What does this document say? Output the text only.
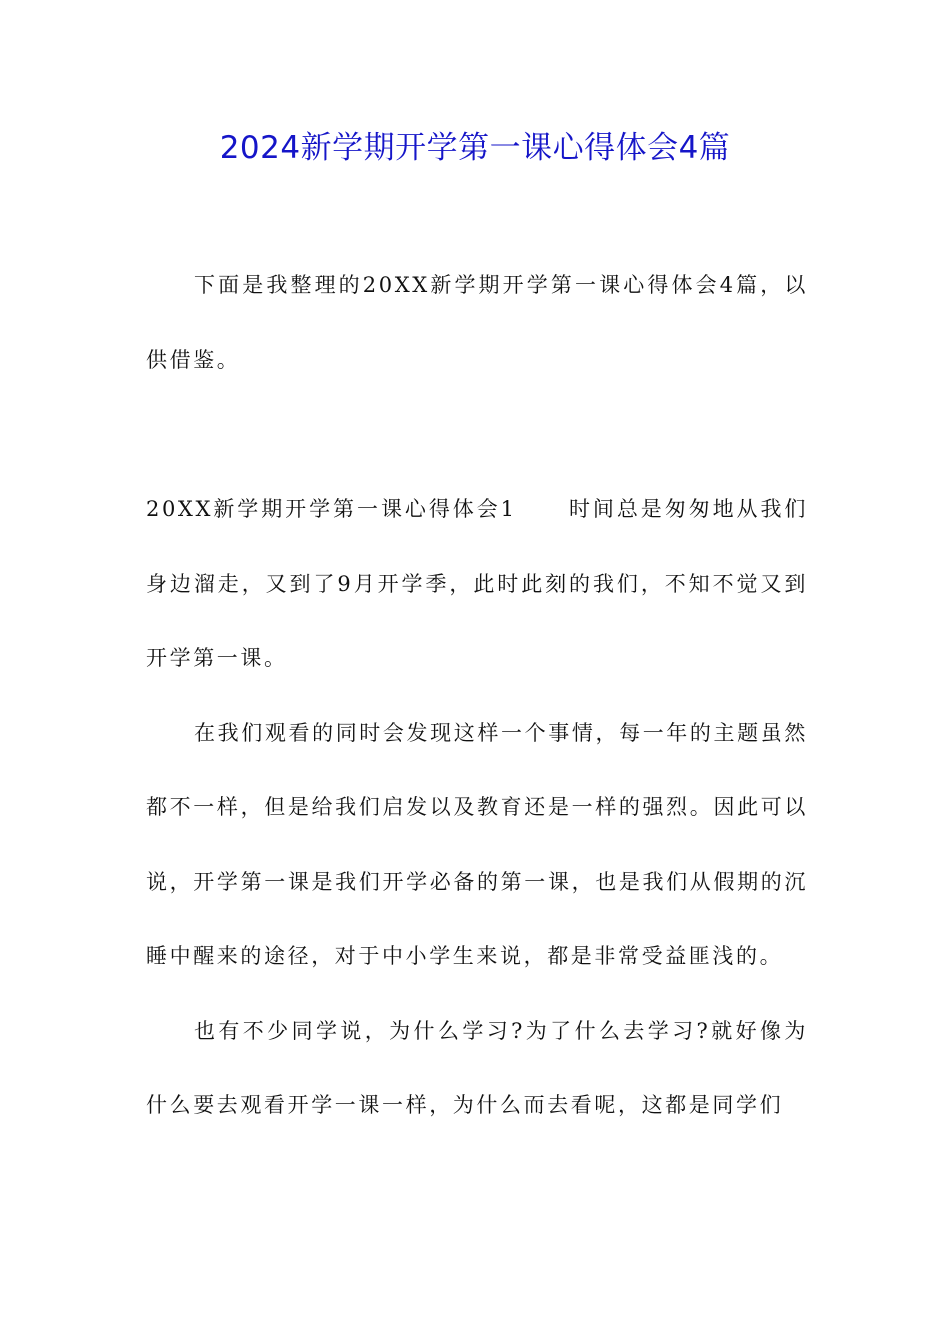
2024新学期开学第一课心得体会4篇

下面是我整理的20XX新学期开学第一课心得体会4篇，以供借鉴。

20XX新学期开学第一课心得体会1 时间总是匆匆地从我们身边溜走，又到了9月开学季，此时此刻的我们，不知不觉又到开学第一课。

在我们观看的同时会发现这样一个事情，每一年的主题虽然都不一样，但是给我们启发以及教育还是一样的强烈。因此可以说，开学第一课是我们开学必备的第一课，也是我们从假期的沉睡中醒来的途径，对于中小学生来说，都是非常受益匪浅的。

也有不少同学说，为什么学习?为了什么去学习?就好像为什么要去观看开学一课一样，为什么而去看呢，这都是同学们
